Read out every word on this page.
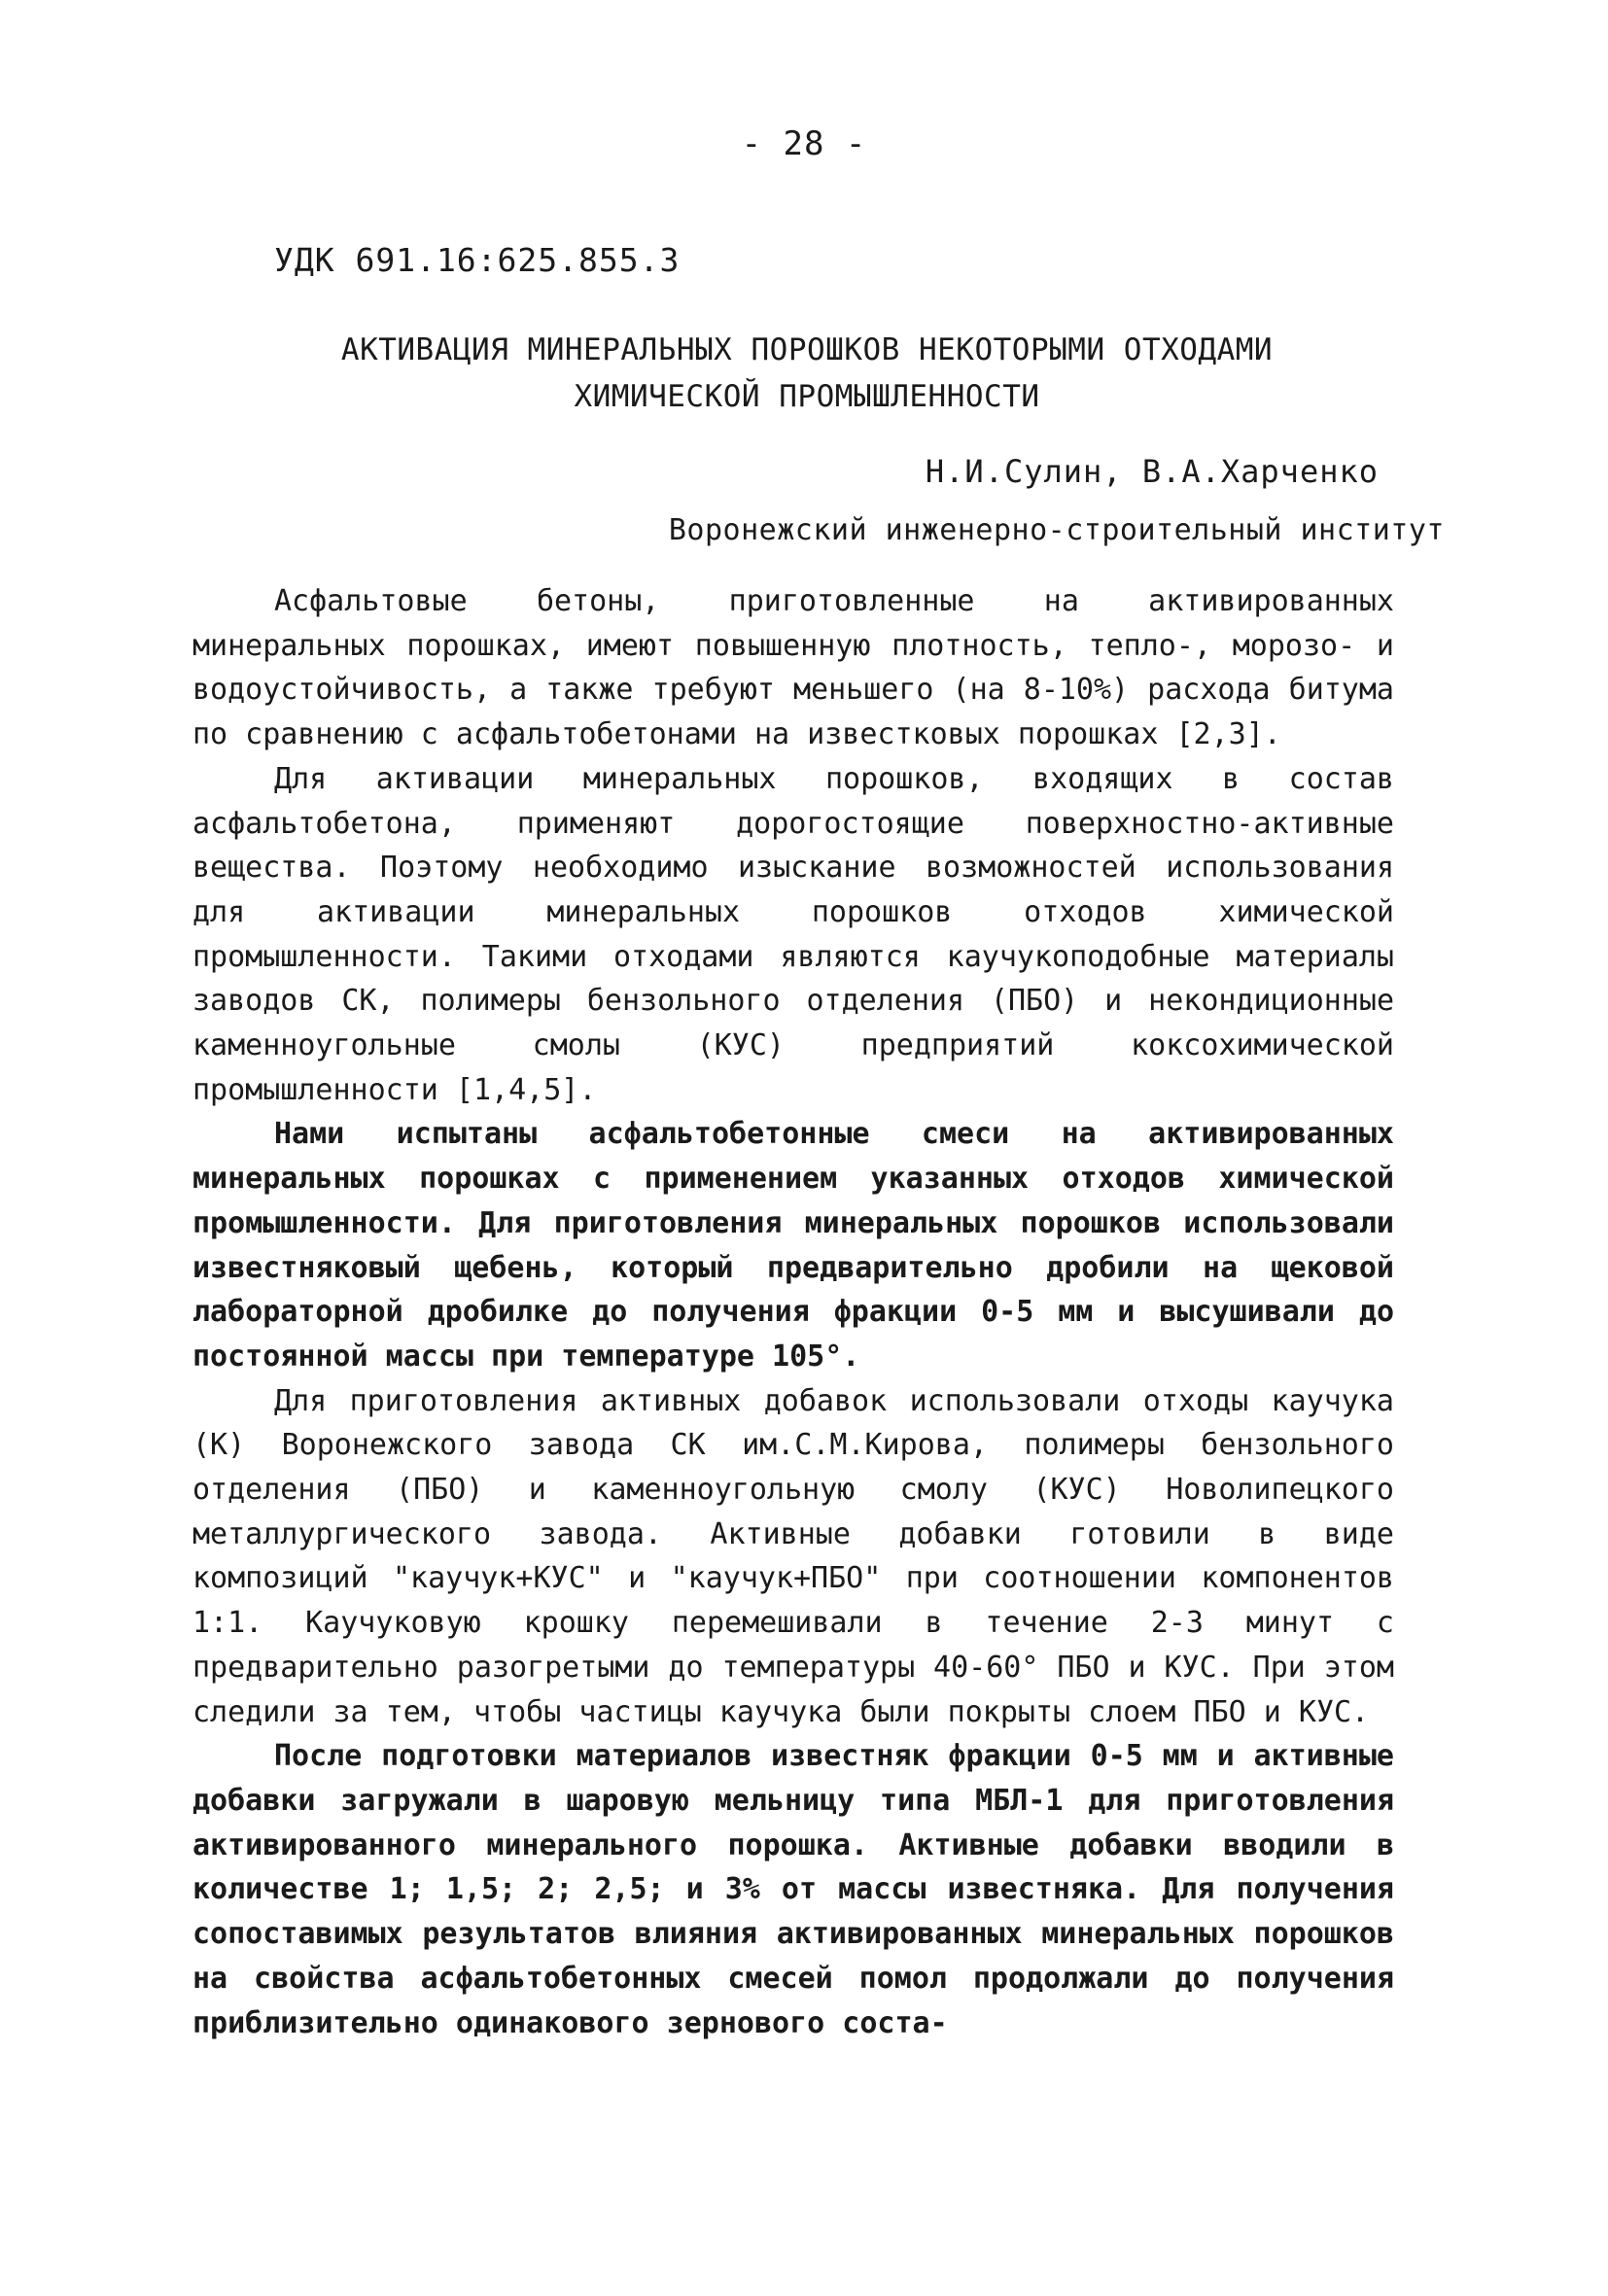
- 28 -
УДК 691.16:625.855.3
АКТИВАЦИЯ МИНЕРАЛЬНЫХ ПОРОШКОВ НЕКОТОРЫМИ ОТХОДАМИ
ХИМИЧЕСКОЙ ПРОМЫШЛЕННОСТИ
Н.И.Сулин, В.А.Харченко
Воронежский инженерно-строительный институт

Асфальтовые бетоны, приготовленные на активированных минеральных порошках, имеют повышенную плотность, тепло-, морозо- и водоустойчивость, а также требуют меньшего (на 8-10%) расхода битума по сравнению с асфальтобетонами на известковых порошках [2,3].

Для активации минеральных порошков, входящих в состав асфальтобетона, применяют дорогостоящие поверхностно-активные вещества. Поэтому необходимо изыскание возможностей использования для активации минеральных порошков отходов химической промышленности. Такими отходами являются каучукоподобные материалы заводов СК, полимеры бензольного отделения (ПБО) и некондиционные каменноугольные смолы (КУС) предприятий коксохимической промышленности [1,4,5].

Нами испытаны асфальтобетонные смеси на активированных минеральных порошках с применением указанных отходов химической промышленности. Для приготовления минеральных порошков использовали известняковый щебень, который предварительно дробили на щековой лабораторной дробилке до получения фракции 0-5 мм и высушивали до постоянной массы при температуре 105°.

Для приготовления активных добавок использовали отходы каучука (К) Воронежского завода СК им.С.М.Кирова, полимеры бензольного отделения (ПБО) и каменноугольную смолу (КУС) Новолипецкого металлургического завода. Активные добавки готовили в виде композиций "каучук+КУС" и "каучук+ПБО" при соотношении компонентов 1:1. Каучуковую крошку перемешивали в течение 2-3 минут с предварительно разогретыми до температуры 40-60° ПБО и КУС. При этом следили за тем, чтобы частицы каучука были покрыты слоем ПБО и КУС.

После подготовки материалов известняк фракции 0-5 мм и активные добавки загружали в шаровую мельницу типа МБЛ-1 для приготовления активированного минерального порошка. Активные добавки вводили в количестве 1; 1,5; 2; 2,5; и 3% от массы известняка. Для получения сопоставимых результатов влияния активированных минеральных порошков на свойства асфальтобетонных смесей помол продолжали до получения приблизительно одинакового зернового соста-
